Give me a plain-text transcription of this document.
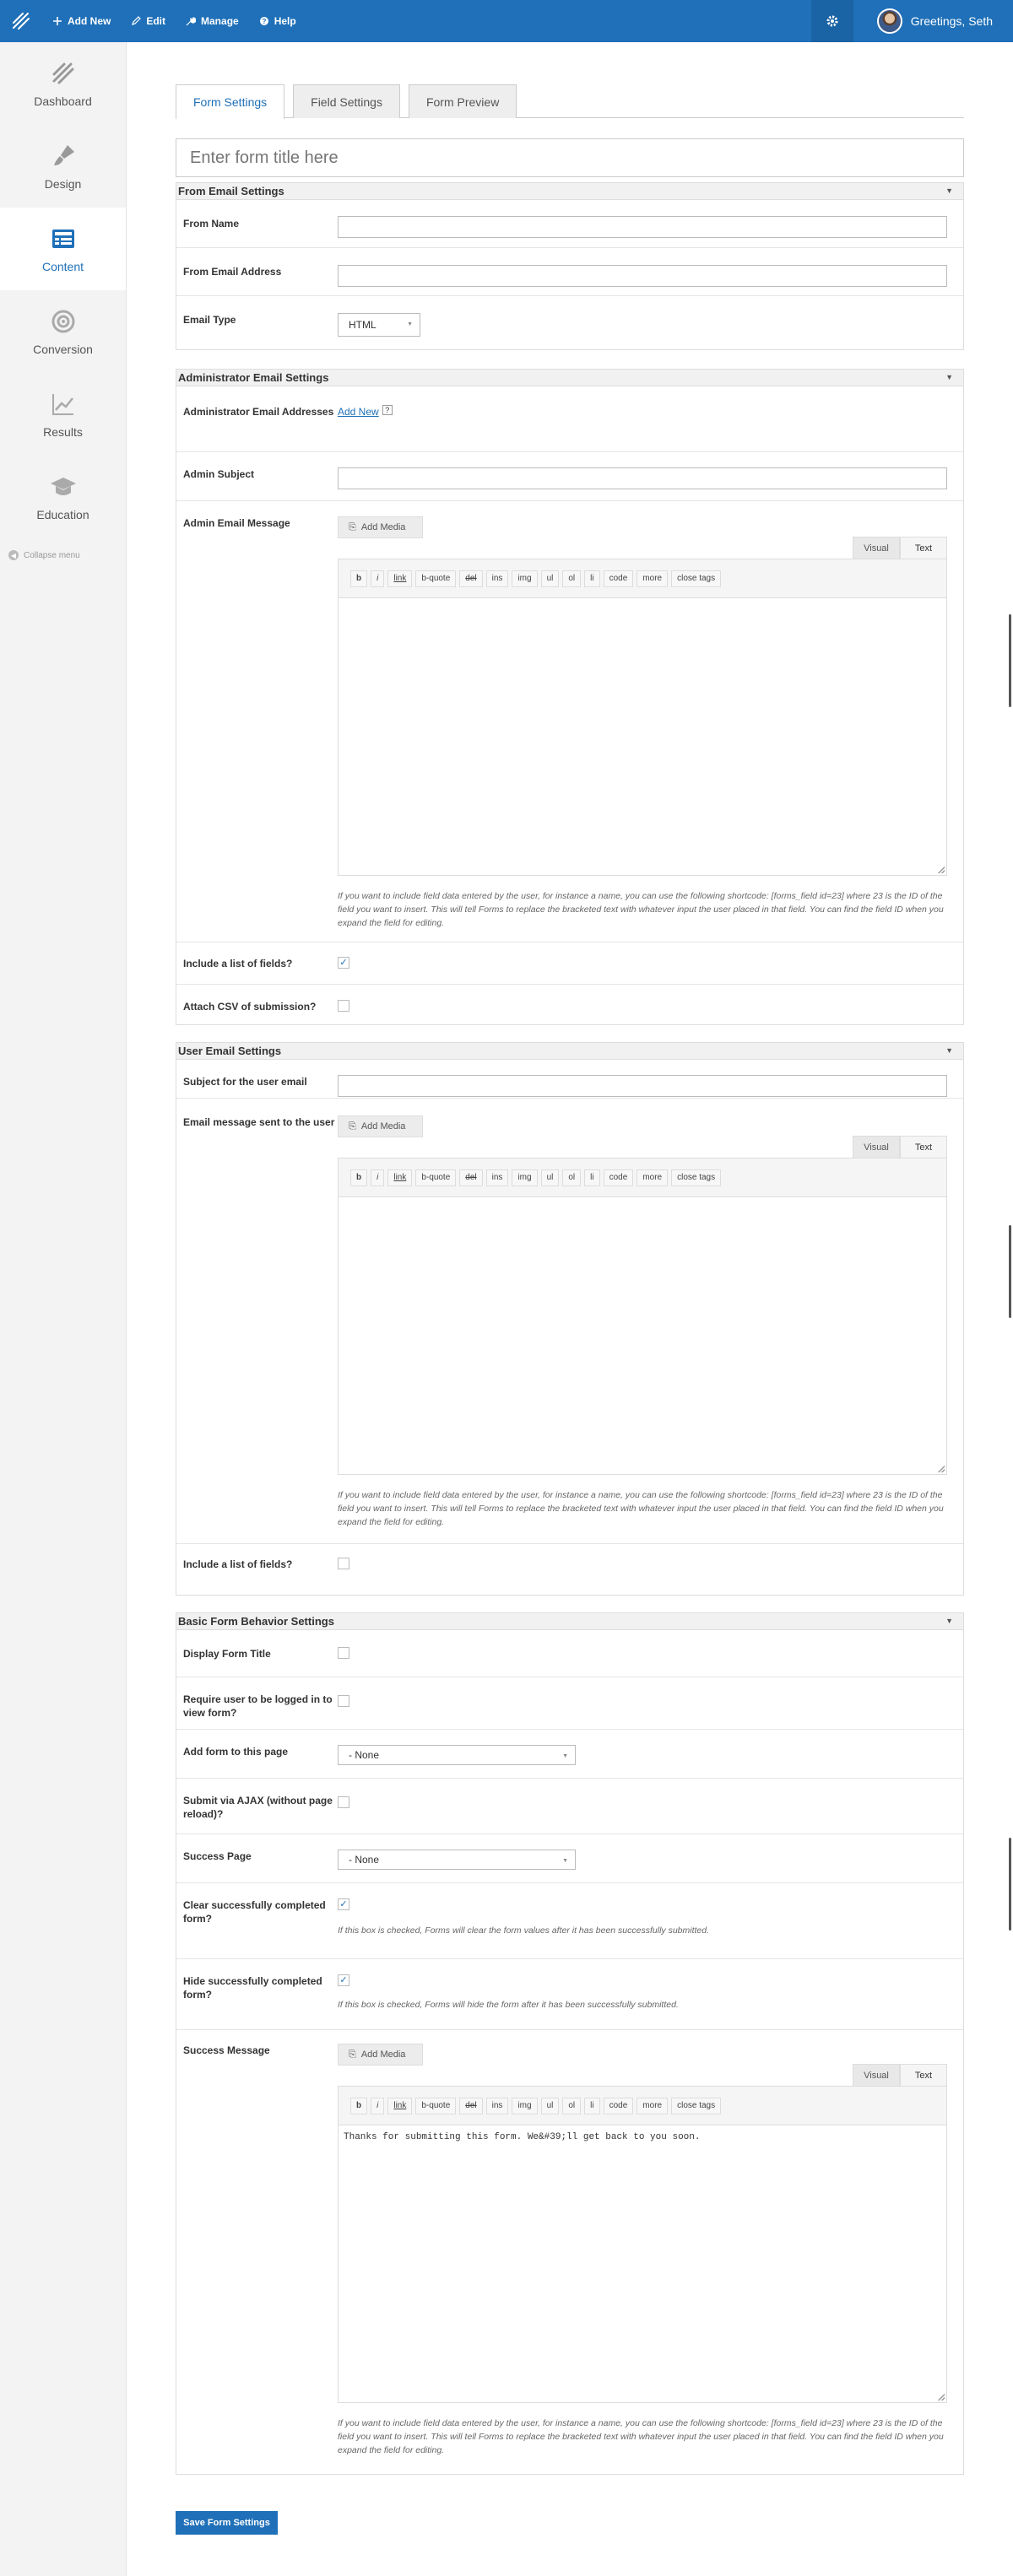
Add New	Edit	Manage	? Help	Greetings, Seth
Dashboard
Design
Content
Conversion
Results
Education
◀ Collapse menu
Form Settings	Field Settings	Form Preview
Enter form title here
From Email Settings	▼
From Name
From Email Address
Email Type	HTML	▼
Administrator Email Settings	▼
Administrator Email Addresses Add New ?
Admin Subject
Admin Email Message	⎘ Add Media
Visual	Text
b	i	link	b-quote	del	ins	img	ul	ol	li	code	more	close tags
If you want to include field data entered by the user, for instance a name, you can use the following shortcode: [forms_field id=23] where 23 is the ID of the field you want to insert. This will tell Forms to replace the bracketed text with whatever input the user placed in that field. You can find the field ID when you expand the field for editing.
Include a list of fields?	✓
Attach CSV of submission?
User Email Settings	▼
Subject for the user email
Email message sent to the user	⎘ Add Media
Visual	Text
b	i	link	b-quote	del	ins	img	ul	ol	li	code	more	close tags
If you want to include field data entered by the user, for instance a name, you can use the following shortcode: [forms_field id=23] where 23 is the ID of the field you want to insert. This will tell Forms to replace the bracketed text with whatever input the user placed in that field. You can find the field ID when you expand the field for editing.
Include a list of fields?
Basic Form Behavior Settings	▼
Display Form Title
Require user to be logged in to view form?
Add form to this page	- None	▼
Submit via AJAX (without page reload)?
Success Page	- None	▼
Clear successfully completed form?
✓
If this box is checked, Forms will clear the form values after it has been successfully submitted.
Hide successfully completed form?
✓
If this box is checked, Forms will hide the form after it has been successfully submitted.
Success Message	⎘ Add Media
Visual	Text
b	i	link	b-quote	del	ins	img	ul	ol	li	code	more	close tags
Thanks for submitting this form. We&#39;ll get back to you soon.
If you want to include field data entered by the user, for instance a name, you can use the following shortcode: [forms_field id=23] where 23 is the ID of the field you want to insert. This will tell Forms to replace the bracketed text with whatever input the user placed in that field. You can find the field ID when you expand the field for editing.
Save Form Settings
